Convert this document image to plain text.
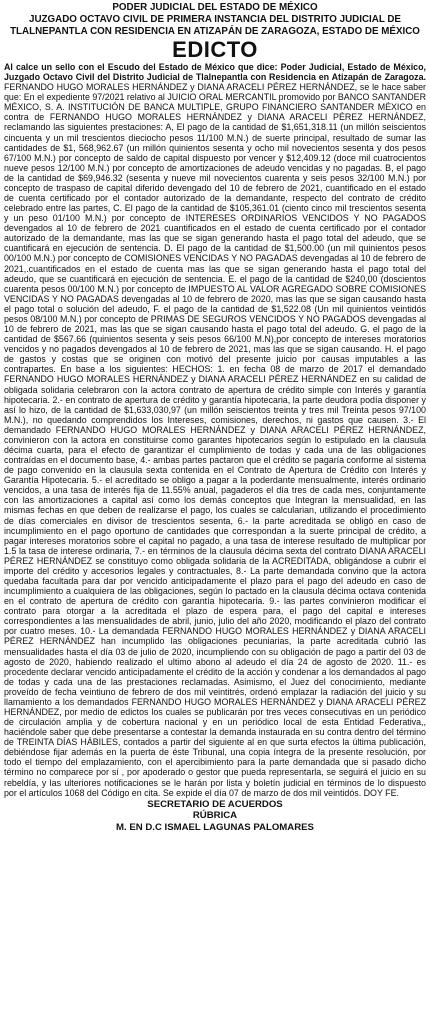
PODER JUDICIAL DEL ESTADO DE MÉXICO
JUZGADO OCTAVO CIVIL DE PRIMERA INSTANCIA DEL DISTRITO JUDICIAL DE
TLALNEPANTLA CON RESIDENCIA EN ATIZAPÁN DE ZARAGOZA, ESTADO DE MÉXICO
EDICTO

Al calce un sello con el Escudo del Estado de México que dice: Poder Judicial, Estado de México, Juzgado Octavo Civil del Distrito Judicial de Tlalnepantla con Residencia en Atizapán de Zaragoza. FERNANDO HUGO MORALES HERNÁNDEZ y DIANA ARACELI PÉREZ HERNÁNDEZ, se le hace saber que: En el expediente 97/2021 relativo al JUICIO ORAL MERCANTIL promovido por BANCO SANTANDER MÉXICO, S. A. INSTITUCIÓN DE BANCA MULTIPLE, GRUPO FINANCIERO SANTANDER MÉXICO en contra de FERNANDO HUGO MORALES HERNÁNDEZ y DIANA ARACELI PÉREZ HERNÁNDEZ, reclamando las siguientes prestaciones: A, El pago de la cantidad de $1,651,318.11 (un millón seiscientos cincuenta y un mil trescientos dieciocho pesos 11/100 M.N.) de suerte principal, resultado de sumar las cantidades de $1, 568,962.67 (un millón quinientos sesenta y ocho mil novecientos sesenta y dos pesos 67/100 M.N.) por concepto de saldo de capital dispuesto por vencer y $12,409.12 (doce mil cuatrocientos nueve pesos 12/100 M.N.) por concepto de amortizaciones de adeudo vencidas y no pagadas. B, el pago de la cantidad de $69,946.32 (sesenta y nueve mil novecientos cuarenta y seis pesos 32/100 M.N.) por concepto de traspaso de capital diferido devengado del 10 de febrero de 2021, cuantificado en el estado de cuenta certificado por el contador autorizado de la demandante, respecto del contrato de crédito celebrado entre las partes, C. El pago de la cantidad de $105,361.01 (ciento cinco mil trescientos sesenta y un peso 01/100 M.N.) por concepto de INTERESES ORDINARIOS VENCIDOS Y NO PAGADOS devengados al 10 de febrero de 2021 cuantificados en el estado de cuenta certificado por el contador autorizado de la demandante, mas las que se sigan generando hasta el pago total del adeudo, que se cuantificará en ejecución de sentencia. D. El pago de la cantidad de $1,500.00 (un mil quinientos pesos 00/100 M.N.) por concepto de COMISIONES VENCIDAS Y NO PAGADAS devengadas al 10 de febrero de 2021,.cuantificados en el estado de cuenta mas las que se sigan generando hasta el pago total del adeudo, que se cuantificará en ejecución de sentencia. E. el pago de la cantidad de $240,00 (doscientos cuarenta pesos 00/100 M.N.) por concepto de IMPUESTO AL VALOR AGREGADO SOBRE COMISIONES VENCIDAS Y NO PAGADAS devengadas al 10 de febrero de 2020, mas las que se sigan causando hasta el pago total o solución del adeudo, F. el pago de la cantidad de $1,522.08 (Un mil quinientos veintidós pesos 08/100 M.N.) por concepto de PRIMAS DE SEGUROS VENCIDOS Y NO PAGADOS devengadas al 10 de febrero de 2021, mas las que se sigan causando hasta el pago total del adeudo. G. el pago de la cantidad de $567.66 (quinientos sesenta y seis pesos 66/100 M.N),por concepto de intereses moratorios vencidos y no pagados devengados al 10 de febrero de 2021, mas las que se sigan causando. H. el pago de gastos y costas que se originen con motivó del presente juicio por causas imputables a las contrapartes. En base a los siguientes: HECHOS: 1. en fecha 08 de marzo de 2017 el demandado FERNANDO HUGO MORALES HERNÁNDEZ y DIANA ARACELI PÉREZ HERNÁNDEZ en su calidad de obligada solidaria celebraron con la actora contrato de apertura de crédito simple con Interés y garantía hipotecaria. 2.- en contrato de apertura de crédito y garantía hipotecaria, la parte deudora podía disponer y así lo hizo, de la cantidad de $1,633,030,97 (un millón seiscientos treinta y tres mil Treinta pesos 97/100 M.N.), no quedando comprendidos los Intereses, comisiones, derechos, ni gastos que causen. 3.- El demandado FERNANDO HUGO MORALES HERNÁNDEZ y DIANA ARACELI PÉREZ HERNÁNDEZ, convinieron con la actora en constituirse como garantes hipotecarios según lo estipulado en la clausula décima cuarta, para el efecto de garantizar el cumplimiento de todas y cada una de las obligaciones contraídas en el documento base, 4.- ambas partes pactaron que el crédito se pagaría conforme al sistema de pago convenido en la clausula sexta contenida en el Contrato de Apertura de Crédito con Interés y Garantía Hipotecaria. 5.- el acreditado se obligo a pagar a la poderdante mensualmente, interés ordinario vencidos, a una tasa de interés fija de 11.55% anual, pagaderos el día tres de cada mes, conjuntamente con las amortizaciones a capital así como los demás conceptos que Integran la mensualidad, en las mismas fechas en que deben de realizarse el pago, los cuales se calcularian, utilizando el procedimiento de días comerciales en divisor de trescientos sesenta, 6.- la parte acreditada se obligó en caso de incumplimiento en el pago oportuno de cantidades que correspondan a la suerte principal de crédito, a pagar intereses moratorios sobre el capital no pagado, a una tasa de interese resultado de multiplicar por 1.5 la tasa de interese ordinaria, 7.- en términos de la clausula décima sexta del contrato DIANA ARACELI PÉREZ HERNÁNDEZ se constituyo como obligada solidaria de la ACREDITADA, obligándose a cubrir el importe del crédito y accesorios legales y contractuales, 8.- La parte demandada convino que la actora quedaba facultada para dar por vencido anticipadamente el plazo para el pago del adeudo en caso de incumplimiento a cualquiera de las obligaciones, según lo pactado en la clausula décima octava contenida en el contrato de apertura de crédito con garantía hipotecaria. 9.- las partes convinieron modificar el contrato para otorgar a la acreditada el plazo de espera para, el pago del capital e intereses correspondientes a las mensualidades de abril, junio, julio del año 2020, modificando el plazo del contrato por cuatro meses. 10.- La demandada FERNANDO HUGO MORALES HERNÁNDEZ y DIANA ARACELI PÉREZ HERNÁNDEZ han incumplido las obligaciones pecuniarias, la parte acreditada cubrió las mensualidades hasta el día 03 de julio de 2020, incumpliendo con su obligación de pago a partir del 03 de agosto de 2020, habiendo realizado el ultimo abono al adeudo el día 24 de agosto de 2020. 11.- es procedente declarar vencido anticipadamente el crédito de la acción y condenar a los demandados al pago de todas y cada una de las prestaciones reclamadas. Asimismo, el Juez del conocimiento, mediante proveído de fecha veintiuno de febrero de dos mil veintitrés, ordenó emplazar la radiación del juicio y su llamamiento a los demandados FERNANDO HUGO MORALES HERNÁNDEZ y DIANA ARACELI PÉREZ HERNÁNDEZ, por medio de edictos los cuales se publicarán por tres veces consecutivas en un periódico de circulación amplia y de cobertura nacional y en un periódico local de esta Entidad Federativa,, haciéndole saber que debe presentarse a contestar la demanda instaurada en su contra dentro del término de TREINTA DÍAS HÁBILES, contados a partir del siguiente al en que surta efectos la última publicación, debiéndose fijar además en la puerta de éste Tribunal, una copia íntegra de la presente resolución, por todo el tiempo del emplazamiento, con el apercibimiento para la parte demandada que si pasado dicho término no comparece por sí , por apoderado o gestor que pueda representarla, se seguirá el juicio en su rebeldía, y las ulteriores notificaciones se le harán por lista y boletín judicial en términos de lo dispuesto por el artículos 1068 del Código en cita. Se expide el día 07 de marzo de dos mil veintidós. DOY FE.

SECRETARIO DE ACUERDOS
RÚBRICA
M. EN D.C ISMAEL LAGUNAS PALOMARES
